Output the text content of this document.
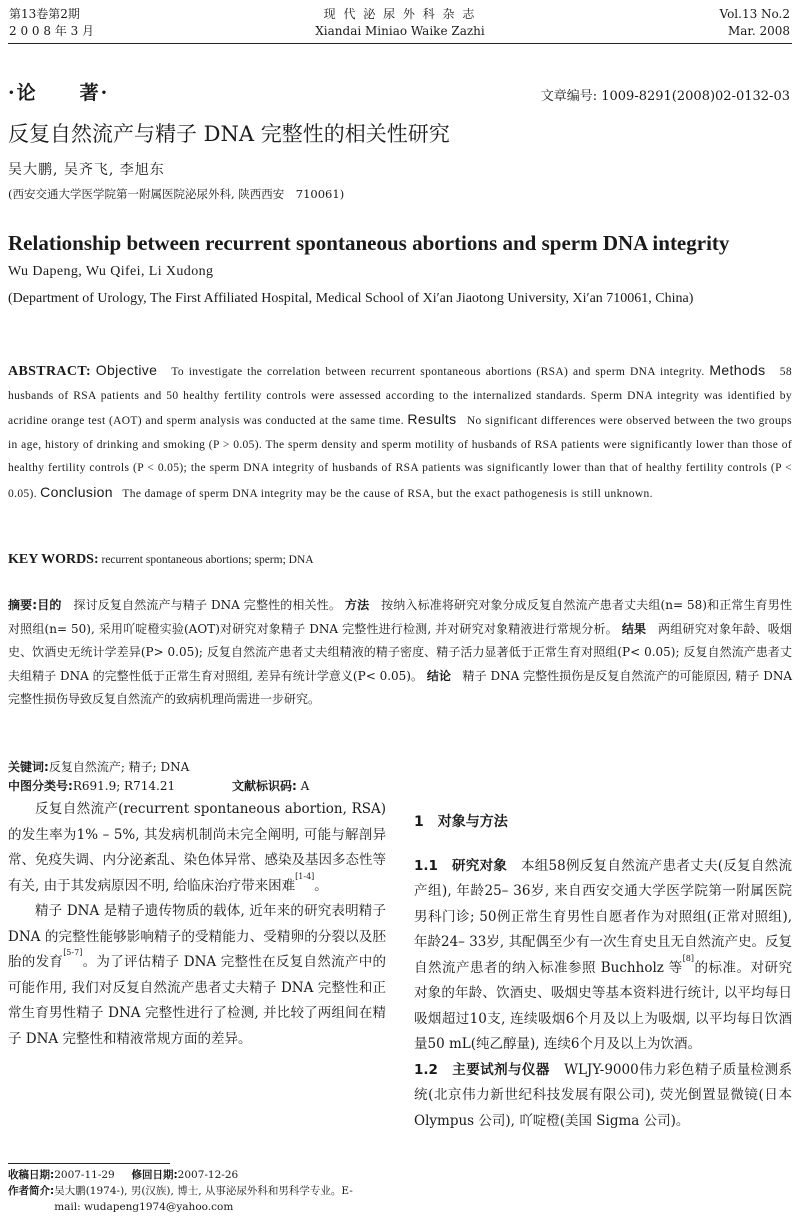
第13卷第2期
2 0 0 8 年 3 月
现 代 泌 尿 外 科 杂 志
Xiandai Miniao Waike Zazhi
Vol.13 No.2
Mar. 2008
·论　　著·	文章编号: 1009-8291(2008)02-0132-03
反复自然流产与精子 DNA 完整性的相关性研究
吴大鹏, 吴齐飞, 李旭东
(西安交通大学医学院第一附属医院泌尿外科, 陕西西安　710061)
Relationship between recurrent spontaneous abortions and sperm DNA integrity
Wu Dapeng, Wu Qifei, Li Xudong
(Department of Urology, The First Affiliated Hospital, Medical School of Xi′an Jiaotong University, Xi′an 710061, China)
ABSTRACT: Objective To investigate the correlation between recurrent spontaneous abortions (RSA) and sperm DNA integrity. Methods 58 husbands of RSA patients and 50 healthy fertility controls were assessed according to the internalized standards. Sperm DNA integrity was identified by acridine orange test (AOT) and sperm analysis was conducted at the same time. Results No significant differences were observed between the two groups in age, history of drinking and smoking (P > 0.05). The sperm density and sperm motility of husbands of RSA patients were significantly lower than those of healthy fertility controls (P < 0.05); the sperm DNA integrity of husbands of RSA patients was significantly lower than that of healthy fertility controls (P < 0.05). Conclusion The damage of sperm DNA integrity may be the cause of RSA, but the exact pathogenesis is still unknown.
KEY WORDS: recurrent spontaneous abortions; sperm; DNA
摘要:目的 探讨反复自然流产与精子 DNA 完整性的相关性。 方法 按纳入标准将研究对象分成反复自然流产患者丈夫组(n= 58)和正常生育男性对照组(n= 50), 采用吖啶橙实验(AOT)对研究对象精子 DNA 完整性进行检测, 并对研究对象精液进行常规分析。 结果 两组研究对象年龄、吸烟史、饮酒史无统计学差异(P> 0.05); 反复自然流产患者丈夫组精液的精子密度、精子活力显著低于正常生育对照组(P< 0.05); 反复自然流产患者丈夫组精子 DNA 的完整性低于正常生育对照组, 差异有统计学意义(P< 0.05)。 结论 精子 DNA 完整性损伤是反复自然流产的可能原因, 精子 DNA 完整性损伤导致反复自然流产的致病机理尚需进一步研究。
关键词:反复自然流产; 精子; DNA
中图分类号:R691.9; R714.21	文献标识码: A

反复自然流产(recurrent spontaneous abortion, RSA)的发生率为1% – 5%, 其发病机制尚未完全阐明, 可能与解剖异常、免疫失调、内分泌紊乱、染色体异常、感染及基因多态性等有关, 由于其发病原因不明, 给临床治疗带来困难[1-4]。

精子 DNA 是精子遗传物质的载体, 近年来的研究表明精子 DNA 的完整性能够影响精子的受精能力、受精卵的分裂以及胚胎的发育[5-7]。为了评估精子 DNA 完整性在反复自然流产中的可能作用, 我们对反复自然流产患者丈夫精子 DNA 完整性和正常生育男性精子 DNA 完整性进行了检测, 并比较了两组间在精子 DNA 完整性和精液常规方面的差异。

收稿日期:2007-11-29 修回日期:2007-12-26
作者简介:吴大鹏(1974-), 男(汉族), 博士, 从事泌尿外科和男科学专业。E-mail: wudapeng1974@yahoo.com
1　对象与方法

1.1　研究对象 本组58例反复自然流产患者丈夫(反复自然流产组), 年龄25– 36岁, 来自西安交通大学医学院第一附属医院男科门诊; 50例正常生育男性自愿者作为对照组(正常对照组), 年龄24– 33岁, 其配偶至少有一次生育史且无自然流产史。反复自然流产患者的纳入标准参照 Buchholz 等[8]的标准。对研究对象的年龄、饮酒史、吸烟史等基本资料进行统计, 以平均每日吸烟超过10支, 连续吸烟6个月及以上为吸烟, 以平均每日饮酒量50 mL(纯乙醇量), 连续6个月及以上为饮酒。

1.2　主要试剂与仪器 WLJY-9000伟力彩色精子质量检测系统(北京伟力新世纪科技发展有限公司), 荧光倒置显微镜(日本 Olympus 公司), 吖啶橙(美国 Sigma 公司)。
